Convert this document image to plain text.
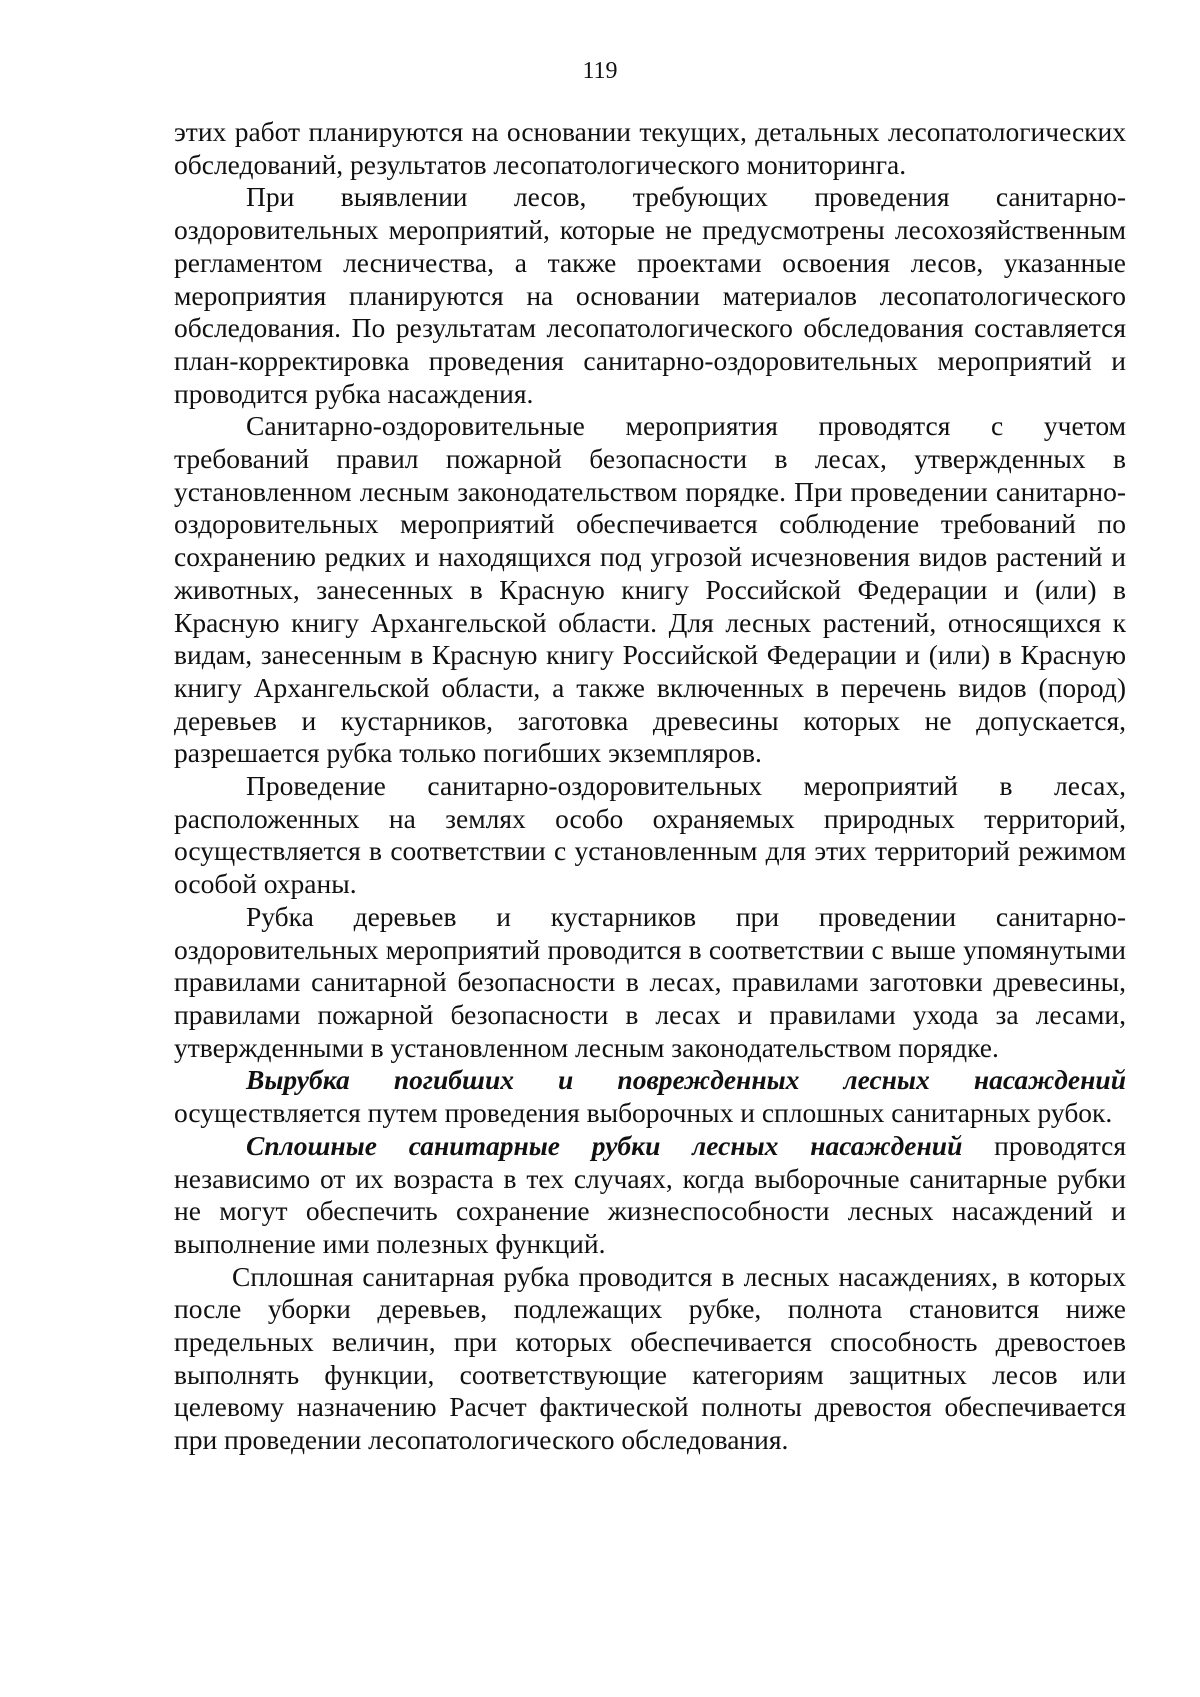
119

этих работ планируются на основании текущих, детальных лесопатологических обследований, результатов лесопатологического мониторинга.

При выявлении лесов, требующих проведения санитарно-оздоровительных мероприятий, которые не предусмотрены лесохозяйственным регламентом лесничества, а также проектами освоения лесов, указанные мероприятия планируются на основании материалов лесопатологического обследования. По результатам лесопатологического обследования составляется план-корректировка проведения санитарно-оздоровительных мероприятий и проводится рубка насаждения.

Санитарно-оздоровительные мероприятия проводятся с учетом требований правил пожарной безопасности в лесах, утвержденных в установленном лесным законодательством порядке. При проведении санитарно-оздоровительных мероприятий обеспечивается соблюдение требований по сохранению редких и находящихся под угрозой исчезновения видов растений и животных, занесенных в Красную книгу Российской Федерации и (или) в Красную книгу Архангельской области. Для лесных растений, относящихся к видам, занесенным в Красную книгу Российской Федерации и (или) в Красную книгу Архангельской области, а также включенных в перечень видов (пород) деревьев и кустарников, заготовка древесины которых не допускается, разрешается рубка только погибших экземпляров.

Проведение санитарно-оздоровительных мероприятий в лесах, расположенных на землях особо охраняемых природных территорий, осуществляется в соответствии с установленным для этих территорий режимом особой охраны.

Рубка деревьев и кустарников при проведении санитарно-оздоровительных мероприятий проводится в соответствии с выше упомянутыми правилами санитарной безопасности в лесах, правилами заготовки древесины, правилами пожарной безопасности в лесах и правилами ухода за лесами, утвержденными в установленном лесным законодательством порядке.

Вырубка погибших и поврежденных лесных насаждений осуществляется путем проведения выборочных и сплошных санитарных рубок.

Сплошные санитарные рубки лесных насаждений проводятся независимо от их возраста в тех случаях, когда выборочные санитарные рубки не могут обеспечить сохранение жизнеспособности лесных насаждений и выполнение ими полезных функций.

Сплошная санитарная рубка проводится в лесных насаждениях, в которых после уборки деревьев, подлежащих рубке, полнота становится ниже предельных величин, при которых обеспечивается способность древостоев выполнять функции, соответствующие категориям защитных лесов или целевому назначению Расчет фактической полноты древостоя обеспечивается при проведении лесопатологического обследования.
